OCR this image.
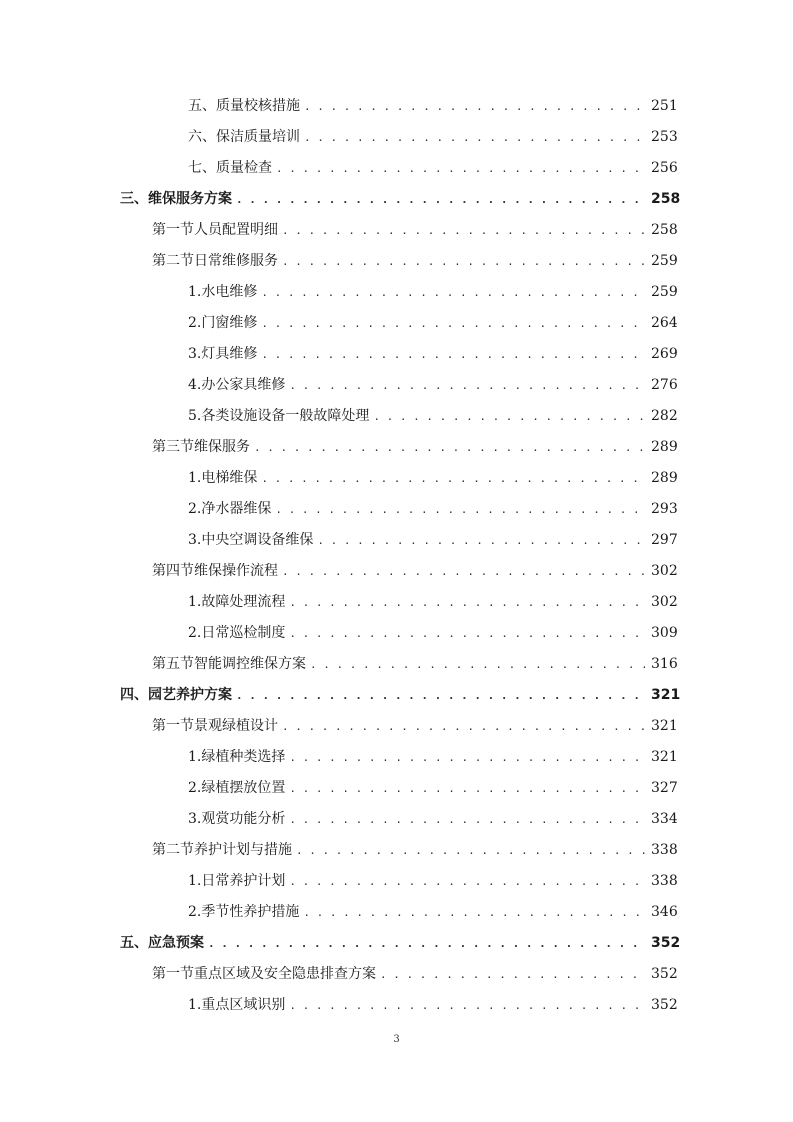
五、 质量校核措施 . . .	251
六、 保洁质量培训 . . .	253
七、 质量检查 . . .	256
三、 维保服务方案 . . .	258
第一节 人员配置明细 . . .	258
第二节 日常维修服务 . . .	259
1. 水电维修 . . .	259
2. 门窗维修 . . .	264
3. 灯具维修 . . .	269
4. 办公家具维修 . . .	276
5. 各类设施设备一般故障处理 . . .	282
第三节 维保服务 . . .	289
1. 电梯维保 . . .	289
2. 净水器维保 . . .	293
3. 中央空调设备维保 . . .	297
第四节 维保操作流程 . . .	302
1. 故障处理流程 . . .	302
2. 日常巡检制度 . . .	309
第五节 智能调控维保方案 . . .	316
四、 园艺养护方案 . . .	321
第一节 景观绿植设计 . . .	321
1. 绿植种类选择 . . .	321
2. 绿植摆放位置 . . .	327
3. 观赏功能分析 . . .	334
第二节 养护计划与措施 . . .	338
1. 日常养护计划 . . .	338
2. 季节性养护措施 . . .	346
五、 应急预案 . . .	352
第一节 重点区域及安全隐患排查方案 . . .	352
1. 重点区域识别 . . .	352
3
